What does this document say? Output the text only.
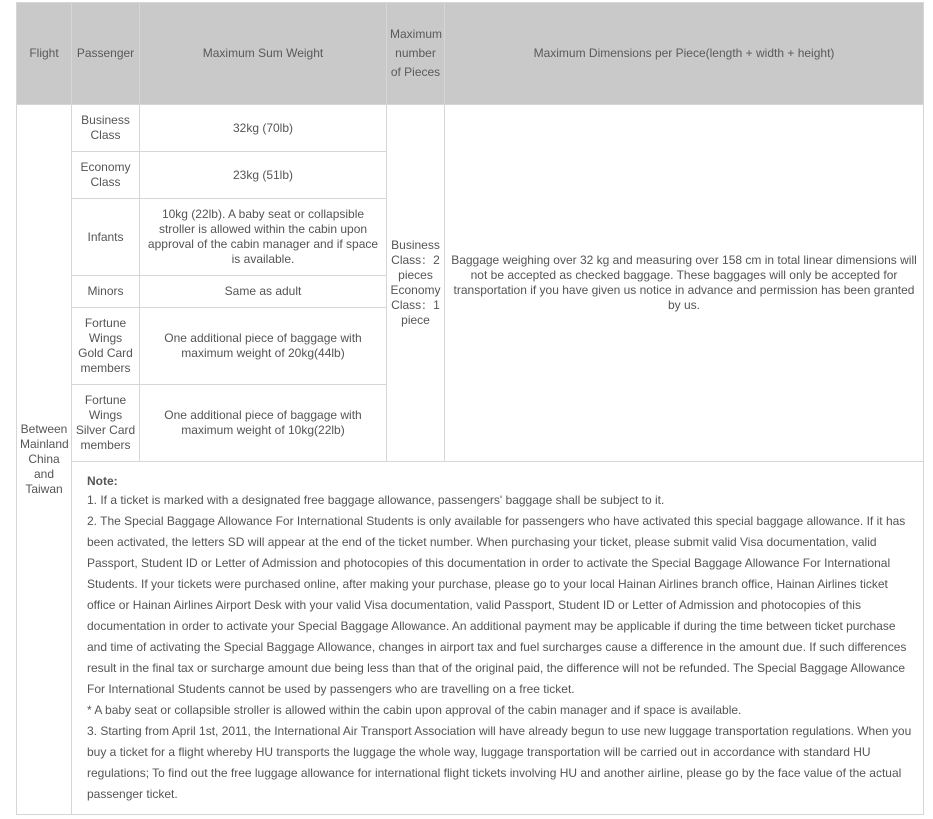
Flight	Passenger	Maximum Sum Weight	Maximum number of Pieces	Maximum Dimensions per Piece(length + width + height)
Between Mainland China and Taiwan	Business Class	32kg (70lb)	Business Class：2 pieces Economy Class：1 piece	Baggage weighing over 32 kg and measuring over 158 cm in total linear dimensions will not be accepted as checked baggage. These baggages will only be accepted for transportation if you have given us notice in advance and permission has been granted by us.
	Economy Class	23kg (51lb)		
	Infants	10kg (22lb). A baby seat or collapsible stroller is allowed within the cabin upon approval of the cabin manager and if space is available.		
	Minors	Same as adult		
	Fortune Wings Gold Card members	One additional piece of baggage with maximum weight of 20kg(44lb)		
	Fortune Wings Silver Card members	One additional piece of baggage with maximum weight of 10kg(22lb)		

	Note:
1. If a ticket is marked with a designated free baggage allowance, passengers' baggage shall be subject to it.
2. The Special Baggage Allowance For International Students is only available for passengers who have activated this special baggage allowance. If it has been activated, the letters SD will appear at the end of the ticket number. When purchasing your ticket, please submit valid Visa documentation, valid Passport, Student ID or Letter of Admission and photocopies of this documentation in order to activate the Special Baggage Allowance For International Students. If your tickets were purchased online, after making your purchase, please go to your local Hainan Airlines branch office, Hainan Airlines ticket office or Hainan Airlines Airport Desk with your valid Visa documentation, valid Passport, Student ID or Letter of Admission and photocopies of this documentation in order to activate your Special Baggage Allowance. An additional payment may be applicable if during the time between ticket purchase and time of activating the Special Baggage Allowance, changes in airport tax and fuel surcharges cause a difference in the amount due. If such differences result in the final tax or surcharge amount due being less than that of the original paid, the difference will not be refunded. The Special Baggage Allowance For International Students cannot be used by passengers who are travelling on a free ticket.
* A baby seat or collapsible stroller is allowed within the cabin upon approval of the cabin manager and if space is available.
3. Starting from April 1st, 2011, the International Air Transport Association will have already begun to use new luggage transportation regulations. When you buy a ticket for a flight whereby HU transports the luggage the whole way, luggage transportation will be carried out in accordance with standard HU regulations; To find out the free luggage allowance for international flight tickets involving HU and another airline, please go by the face value of the actual passenger ticket.			
